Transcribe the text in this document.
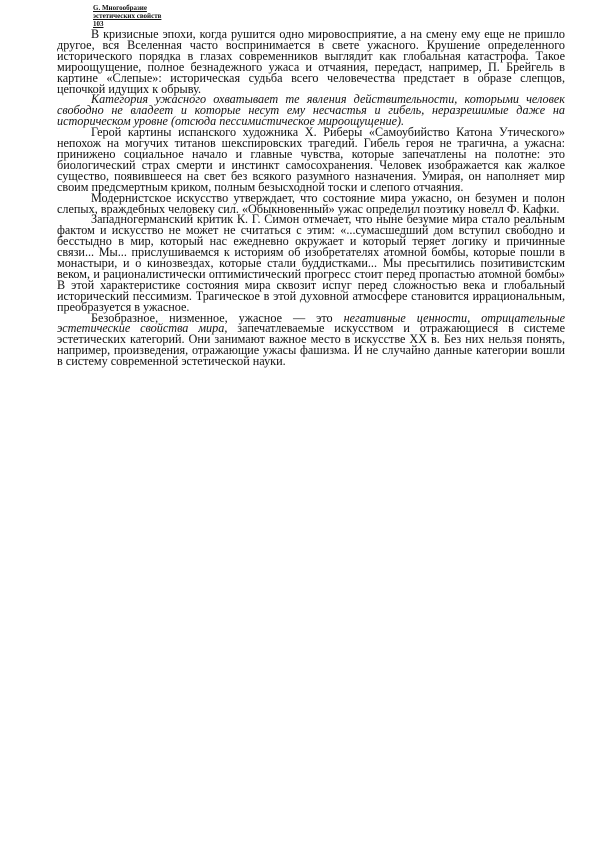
G. Многообразие
эстетических свойств
103

В кризисные эпохи, когда рушится одно мировосприятие, а на смену ему еще не пришло другое, вся Вселенная часто воспринимается в свете ужасного. Крушение определенного исторического порядка в глазах современников выглядит как глобальная катастрофа. Такое мироощущение, полное безнадежного ужаса и отчаяния, передаст, например, П. Брейгель в картине «Слепые»: историческая судьба всего человечества предстает в образе слепцов, цепочкой идущих к обрыву.

Категория ужасного охватывает те явления действительности, которыми человек свободно не владеет и которые несут ему несчастья и гибель, неразрешимые даже на историческом уровне (отсюда пессимистическое мироощущение).

Герой картины испанского художника Х. Риберы «Самоубийство Катона Утического» непохож на могучих титанов шекспировских трагедий. Гибель героя не трагична, а ужасна: принижено социальное начало и главные чувства, которые запечатлены на полотне: это биологический страх смерти и инстинкт самосохранения. Человек изображается как жалкое существо, появившееся на свет без всякого разумного назначения. Умирая, он наполняет мир своим предсмертным криком, полным безысходной тоски и слепого отчаяния.

Модернистское искусство утверждает, что состояние мира ужасно, он безумен и полон слепых, враждебных человеку сил. «Обыкновенный» ужас определил поэтику новелл Ф. Кафки.

Западногерманский критик К. Г. Симон отмечает, что ныне безумие мира стало реальным фактом и искусство не может не считаться с этим: «...сумасшедший дом вступил свободно и бесстыдно в мир, который нас ежедневно окружает и который теряет логику и причинные связи... Мы... прислушиваемся к историям об изобретателях атомной бомбы, которые пошли в монастыри, и о кинозвездах, которые стали буддистками... Мы пресытились позитивистским веком, и рационалистически оптимистический прогресс стоит перед пропастью атомной бомбы» В этой характеристике состояния мира сквозит испуг перед сложностью века и глобальный исторический пессимизм. Трагическое в этой духовной атмосфере становится иррациональным, преобразуется в ужасное.

Безобразное, низменное, ужасное — это негативные ценности, отрицательные эстетические свойства мира, запечатлеваемые искусством и отражающиеся в системе эстетических категорий. Они занимают важное место в искусстве XX в. Без них нельзя понять, например, произведения, отражающие ужасы фашизма. И не случайно данные категории вошли в систему современной эстетической науки.
